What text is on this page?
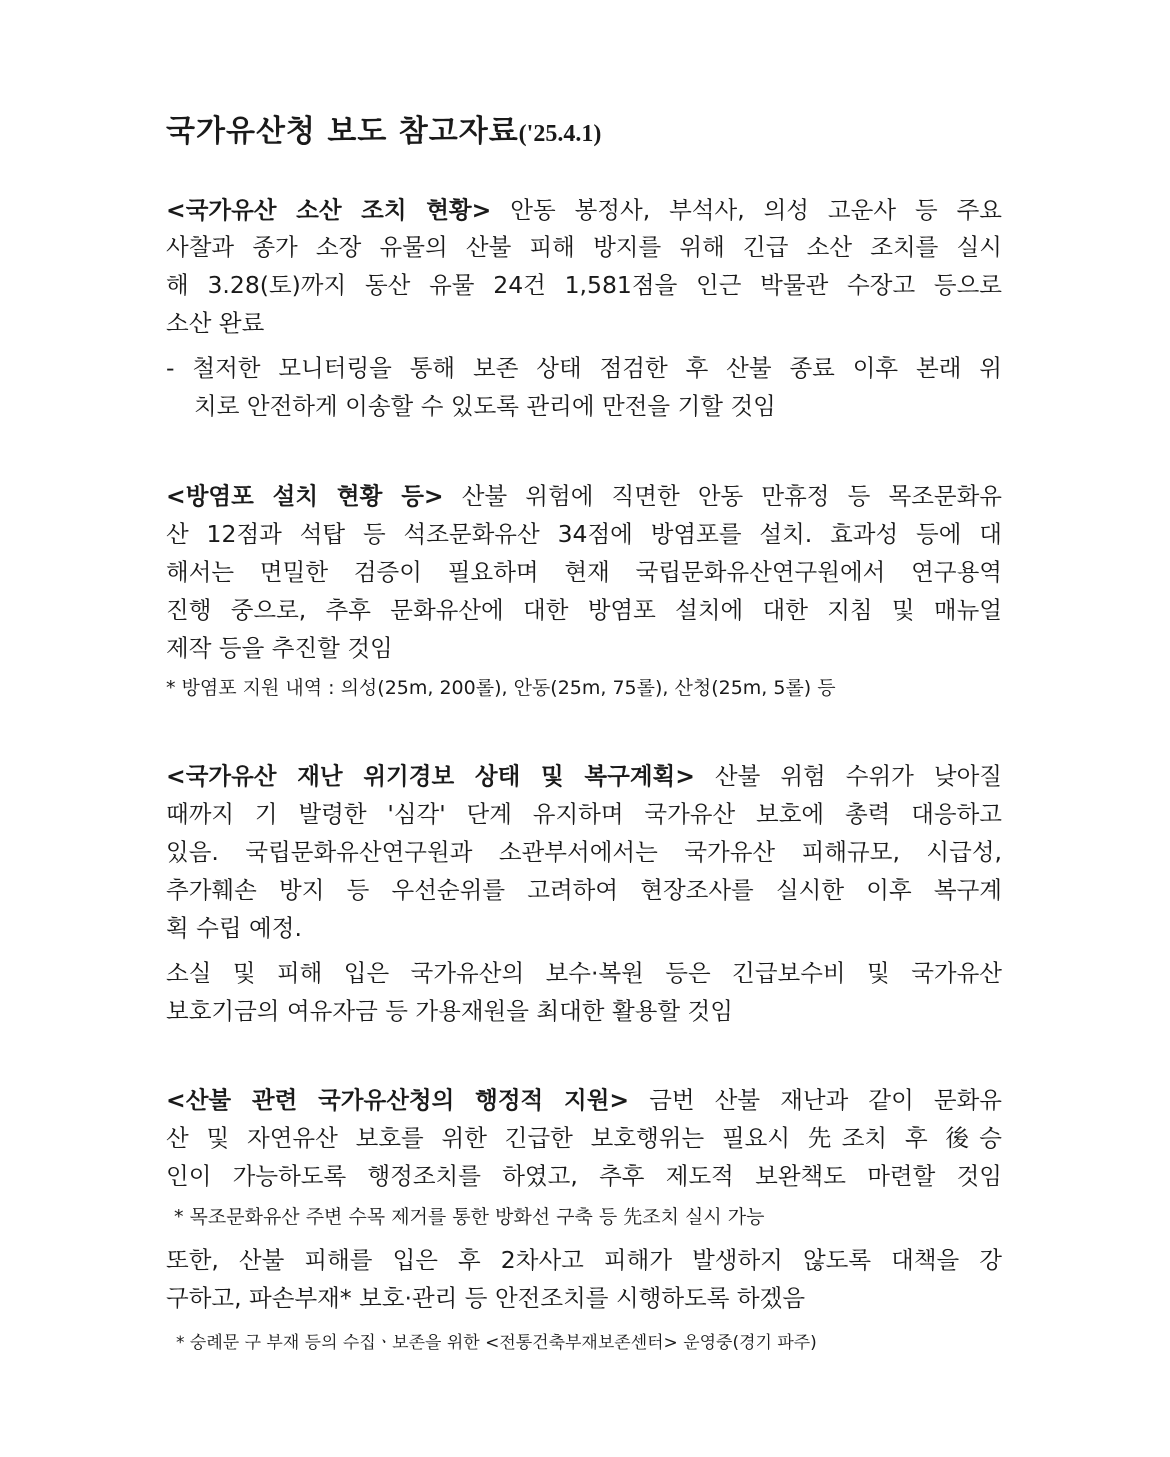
국가유산청 보도 참고자료('25.4.1)
<국가유산 소산 조치 현황> 안동 봉정사, 부석사, 의성 고운사 등 주요
사찰과 종가 소장 유물의 산불 피해 방지를 위해 긴급 소산 조치를 실시
해 3.28(토)까지 동산 유물 24건 1,581점을 인근 박물관 수장고 등으로
소산 완료
- 철저한 모니터링을 통해 보존 상태 점검한 후 산불 종료 이후 본래 위
치로 안전하게 이송할 수 있도록 관리에 만전을 기할 것임
<방염포 설치 현황 등> 산불 위험에 직면한 안동 만휴정 등 목조문화유
산 12점과 석탑 등 석조문화유산 34점에 방염포를 설치. 효과성 등에 대
해서는 면밀한 검증이 필요하며 현재 국립문화유산연구원에서 연구용역
진행 중으로, 추후 문화유산에 대한 방염포 설치에 대한 지침 및 매뉴얼
제작 등을 추진할 것임
* 방염포 지원 내역 : 의성(25m, 200롤), 안동(25m, 75롤), 산청(25m, 5롤) 등
<국가유산 재난 위기경보 상태 및 복구계획> 산불 위험 수위가 낮아질
때까지 기 발령한 '심각' 단계 유지하며 국가유산 보호에 총력 대응하고
있음. 국립문화유산연구원과 소관부서에서는 국가유산 피해규모, 시급성,
추가훼손 방지 등 우선순위를 고려하여 현장조사를 실시한 이후 복구계
획 수립 예정.
소실 및 피해 입은 국가유산의 보수·복원 등은 긴급보수비 및 국가유산
보호기금의 여유자금 등 가용재원을 최대한 활용할 것임
<산불 관련 국가유산청의 행정적 지원> 금번 산불 재난과 같이 문화유
산 및 자연유산 보호를 위한 긴급한 보호행위는 필요시 先조치 후 後승
인이 가능하도록 행정조치를 하였고, 추후 제도적 보완책도 마련할 것임
* 목조문화유산 주변 수목 제거를 통한 방화선 구축 등 先조치 실시 가능
또한, 산불 피해를 입은 후 2차사고 피해가 발생하지 않도록 대책을 강
구하고, 파손부재* 보호·관리 등 안전조치를 시행하도록 하겠음
* 숭례문 구 부재 등의 수집ㆍ보존을 위한 <전통건축부재보존센터> 운영중(경기 파주)
